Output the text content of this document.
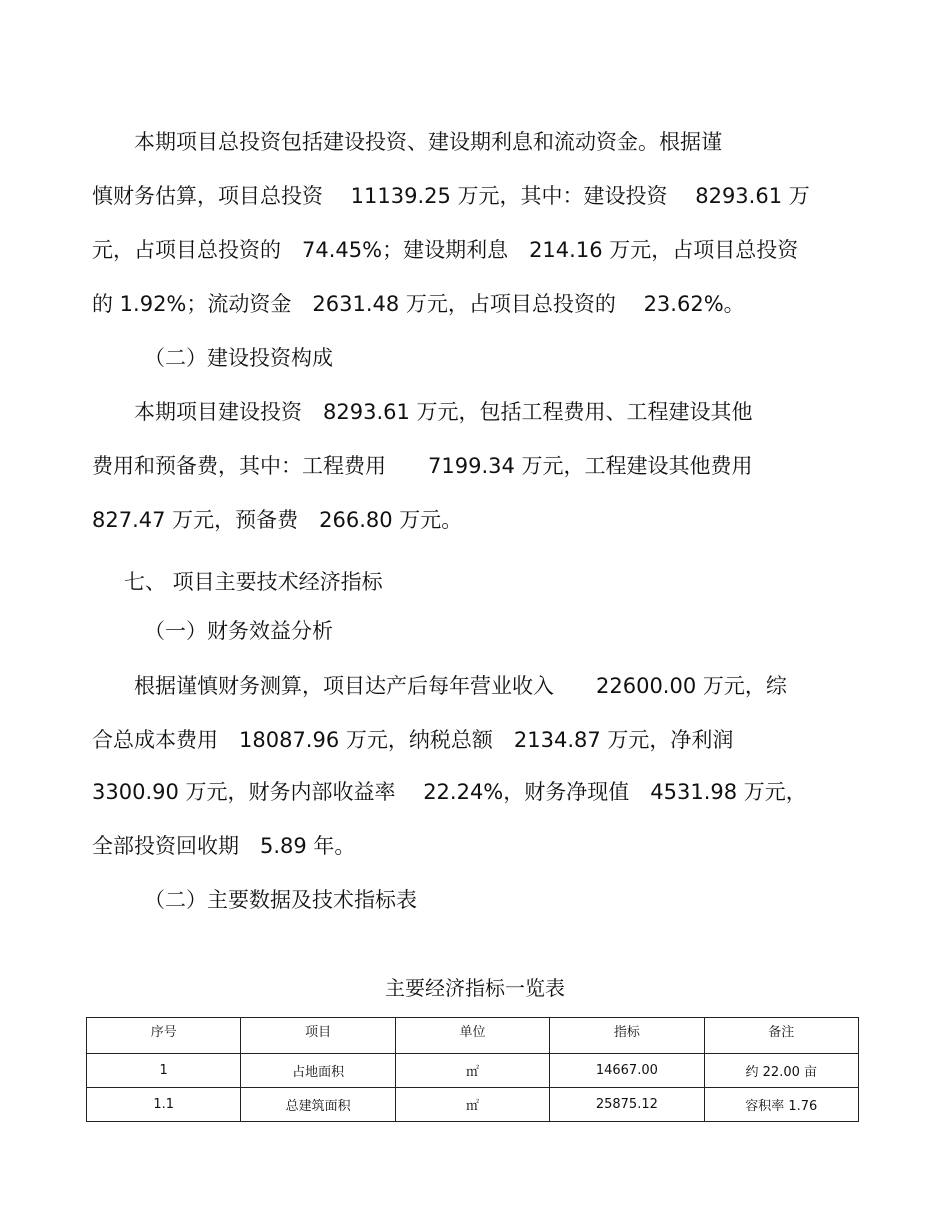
　　本期项目总投资包括建设投资、建设期利息和流动资金。根据谨
慎财务估算，项目总投资　 11139.25 万元，其中：建设投资　 8293.61 万
元，占项目总投资的　74.45%；建设期利息　214.16 万元，占项目总投资
的 1.92%；流动资金　2631.48 万元，占项目总投资的　 23.62%。
（二）建设投资构成
　　本期项目建设投资　8293.61 万元，包括工程费用、工程建设其他
费用和预备费，其中：工程费用　　7199.34 万元，工程建设其他费用
827.47 万元，预备费　266.80 万元。
七、 项目主要技术经济指标
（一）财务效益分析
　　根据谨慎财务测算，项目达产后每年营业收入　　22600.00 万元，综
合总成本费用　18087.96 万元，纳税总额　2134.87 万元，净利润
3300.90 万元，财务内部收益率　 22.24%，财务净现值　4531.98 万元，
全部投资回收期　5.89 年。
（二）主要数据及技术指标表
主要经济指标一览表
序号	项目	单位	指标	备注
1	占地面积	㎡	14667.00	约 22.00 亩
1.1	总建筑面积	㎡	25875.12	容积率 1.76
